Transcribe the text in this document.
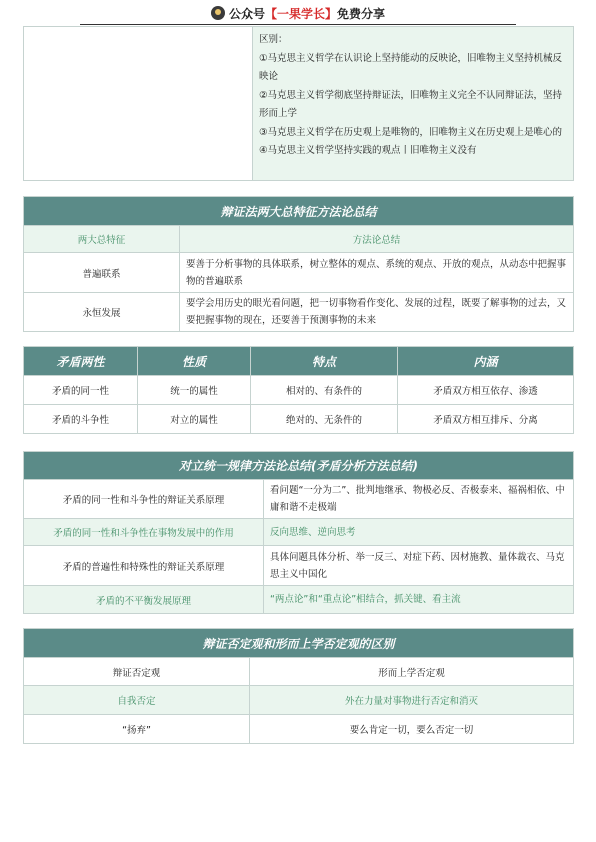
公众号【一果学长】免费分享

区别：
①马克思主义哲学在认识论上坚持能动的反映论，旧唯物主义坚持机械反映论
②马克思主义哲学彻底坚持辩证法，旧唯物主义完全不认同辩证法，坚持形而上学
③马克思主义哲学在历史观上是唯物的，旧唯物主义在历史观上是唯心的
④马克思主义哲学坚持实践的观点丨旧唯物主义没有
辩证法两大总特征方法论总结	
两大总特征	方法论总结
普遍联系	要善于分析事物的具体联系，树立整体的观点、系统的观点、开放的观点，从动态中把握事物的普遍联系
永恒发展	要学会用历史的眼光看问题，把一切事物看作变化、发展的过程，既要了解事物的过去，又要把握事物的现在，还要善于预测事物的未来
矛盾两性	性质	特点	内涵
矛盾的同一性	统一的属性	相对的、有条件的	矛盾双方相互依存、渗透
矛盾的斗争性	对立的属性	绝对的、无条件的	矛盾双方相互排斥、分离
对立统一规律方法论总结(矛盾分析方法总结)	
矛盾的同一性和斗争性的辩证关系原理	看问题“一分为二”、批判地继承、物极必反、否极泰来、福祸相依、中庸和谐不走极端
矛盾的同一性和斗争性在事物发展中的作用	反向思维、逆向思考
矛盾的普遍性和特殊性的辩证关系原理	具体问题具体分析、举一反三、对症下药、因材施教、量体裁衣、马克思主义中国化
矛盾的不平衡发展原理	“两点论”和“重点论”相结合，抓关键、看主流
辩证否定观和形而上学否定观的区别	
辩证否定观	形而上学否定观
自我否定	外在力量对事物进行否定和消灭
“扬弃”	要么肯定一切，要么否定一切
